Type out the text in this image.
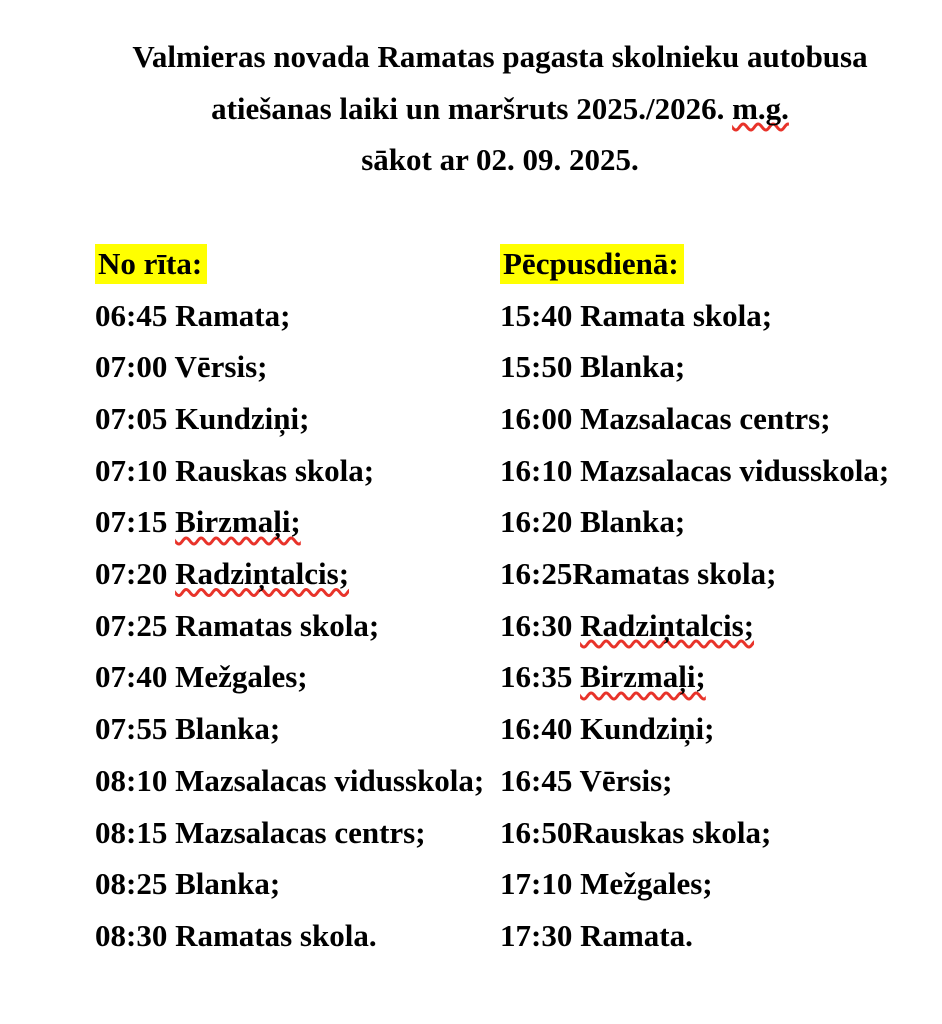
Valmieras novada Ramatas pagasta skolnieku autobusa
atiešanas laiki un maršruts 2025./2026. m.g.
sākot ar 02. 09. 2025.
No rīta:
06:45 Ramata;
07:00 Vērsis;
07:05 Kundziņi;
07:10 Rauskas skola;
07:15 Birzmaļi;
07:20 Radziņtalcis;
07:25 Ramatas skola;
07:40 Mežgales;
07:55 Blanka;
08:10 Mazsalacas vidusskola;
08:15 Mazsalacas centrs;
08:25 Blanka;
08:30 Ramatas skola.
Pēcpusdienā:
15:40 Ramata skola;
15:50 Blanka;
16:00 Mazsalacas centrs;
16:10 Mazsalacas vidusskola;
16:20 Blanka;
16:25Ramatas skola;
16:30 Radziņtalcis;
16:35 Birzmaļi;
16:40 Kundziņi;
16:45 Vērsis;
16:50Rauskas skola;
17:10 Mežgales;
17:30 Ramata.
